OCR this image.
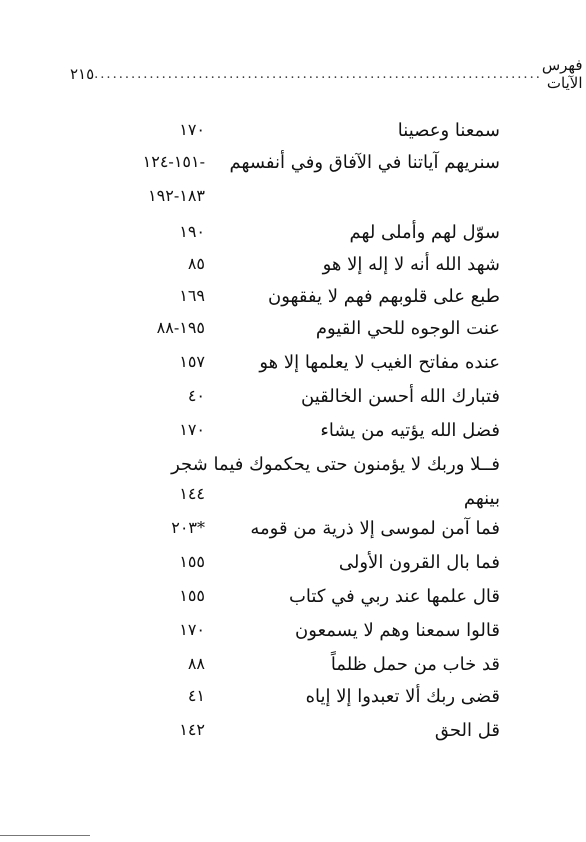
٢١٥ ......................................................................... فهرس الآيات
سمعنا وعصينا
١٧٠
سنريهم آياتنا في الآفاق وفي أنفسهم
-١٥١-١٢٤
١٨٣-١٩٢
سوّل لهم وأملى لهم
١٩٠
شهد الله أنه لا إله إلا هو
٨٥
طبع على قلوبهم فهم لا يفقهون
١٦٩
عنت الوجوه للحي القيوم
١٩٥-٨٨
عنده مفاتح الغيب لا يعلمها إلا هو
١٥٧
فتبارك الله أحسن الخالقين
٤٠
فضل الله يؤتيه من يشاء
١٧٠
فــلا وربك لا يؤمنون حتى يحكموك فيما شجر
١٤٤	بينهم
فما آمن لموسى إلا ذرية من قومه
*٢٠٣
فما بال القرون الأولى
١٥٥
قال علمها عند ربي في كتاب
١٥٥
قالوا سمعنا وهم لا يسمعون
١٧٠
قد خاب من حمل ظلماً
٨٨
قضى ربك ألا تعبدوا إلا إياه
٤١
قل الحق
١٤٢
